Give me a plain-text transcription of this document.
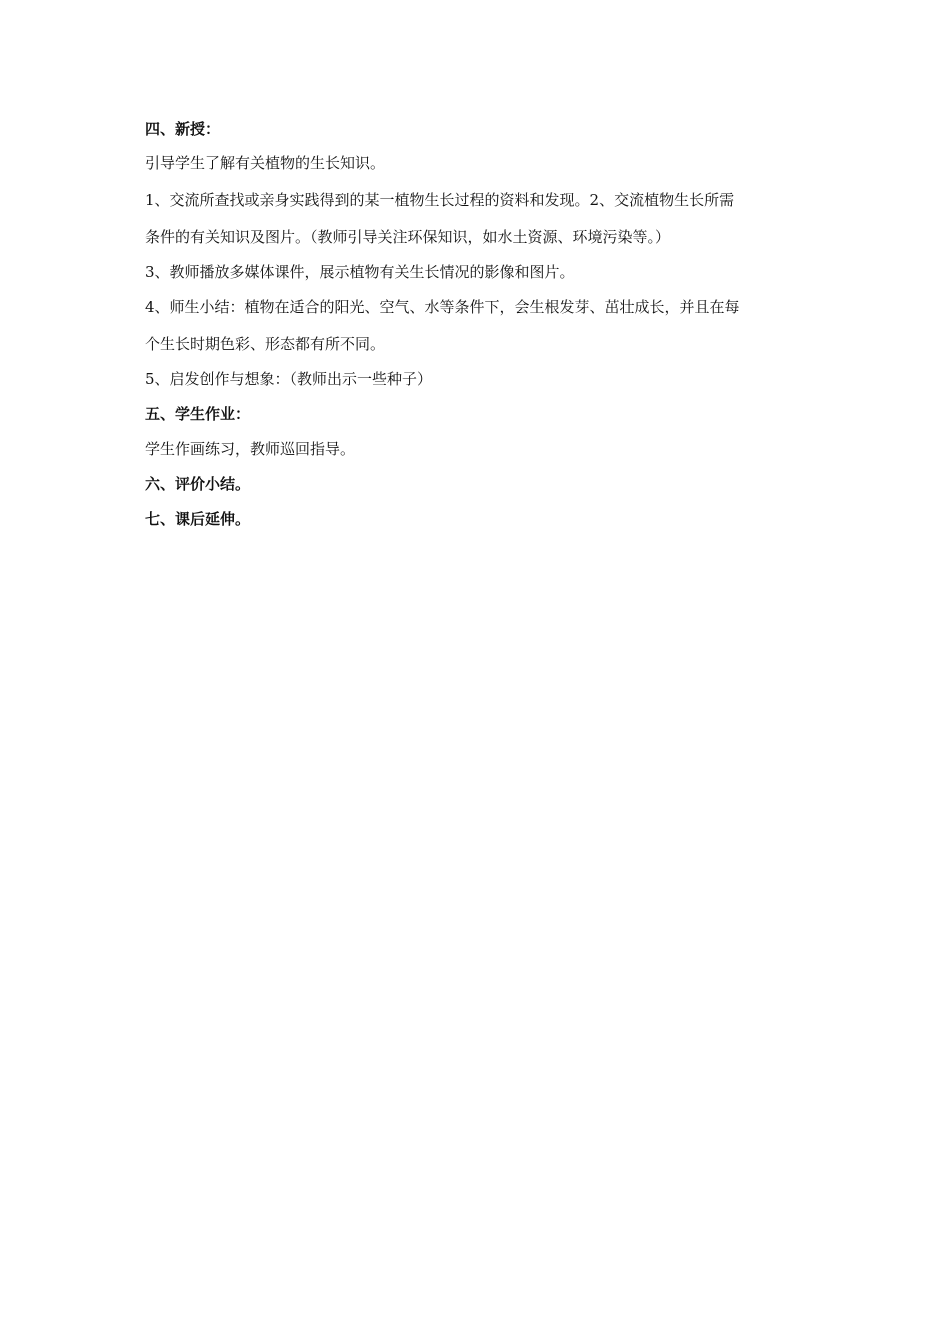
四、新授：

引导学生了解有关植物的生长知识。

1、交流所查找或亲身实践得到的某一植物生长过程的资料和发现。2、交流植物生长所需

条件的有关知识及图片。（教师引导关注环保知识，如水土资源、环境污染等。）

3、教师播放多媒体课件，展示植物有关生长情况的影像和图片。

4、师生小结：植物在适合的阳光、空气、水等条件下，会生根发芽、茁壮成长，并且在每

个生长时期色彩、形态都有所不同。

5、启发创作与想象：（教师出示一些种子）

五、学生作业：

学生作画练习，教师巡回指导。

六、评价小结。

七、课后延伸。
